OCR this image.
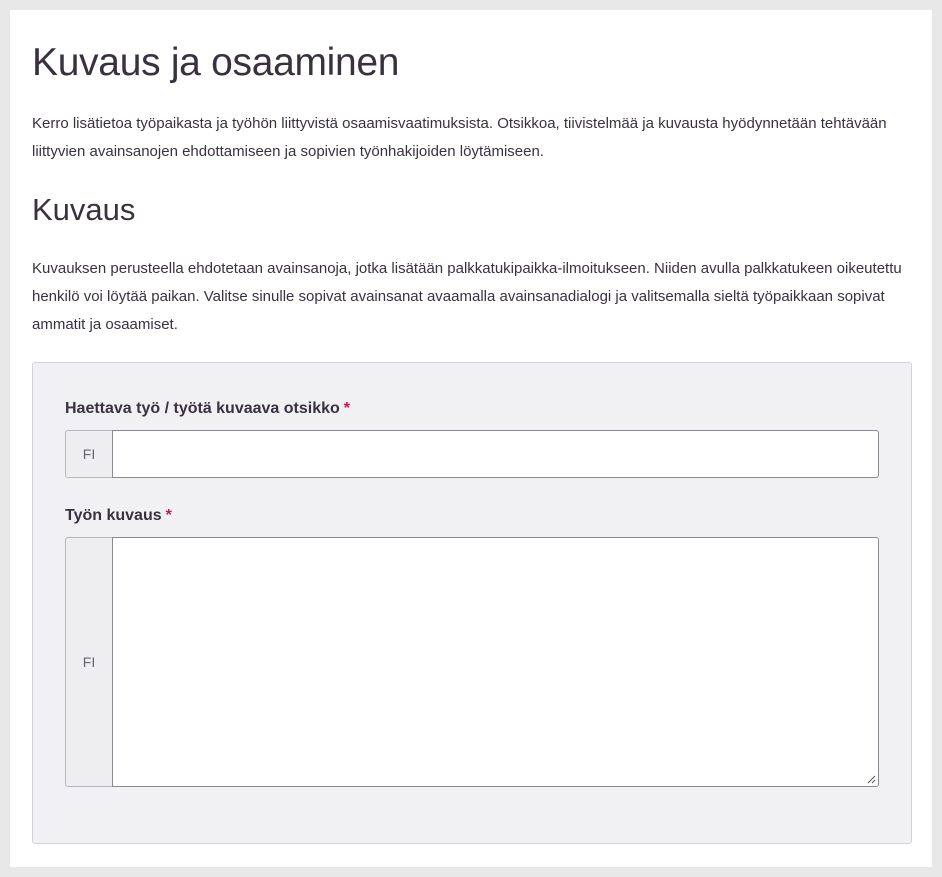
Kuvaus ja osaaminen

Kerro lisätietoa työpaikasta ja työhön liittyvistä osaamisvaatimuksista. Otsikkoa, tiivistelmää ja kuvausta hyödynnetään tehtävään liittyvien avainsanojen ehdottamiseen ja sopivien työnhakijoiden löytämiseen.

Kuvaus

Kuvauksen perusteella ehdotetaan avainsanoja, jotka lisätään palkkatukipaikka-ilmoitukseen. Niiden avulla palkkatukeen oikeutettu henkilö voi löytää paikan. Valitse sinulle sopivat avainsanat avaamalla avainsanadialogi ja valitsemalla sieltä työpaikkaan sopivat ammatit ja osaamiset.

Haettava työ / työtä kuvaava otsikko *
FI
Työn kuvaus *
FI
